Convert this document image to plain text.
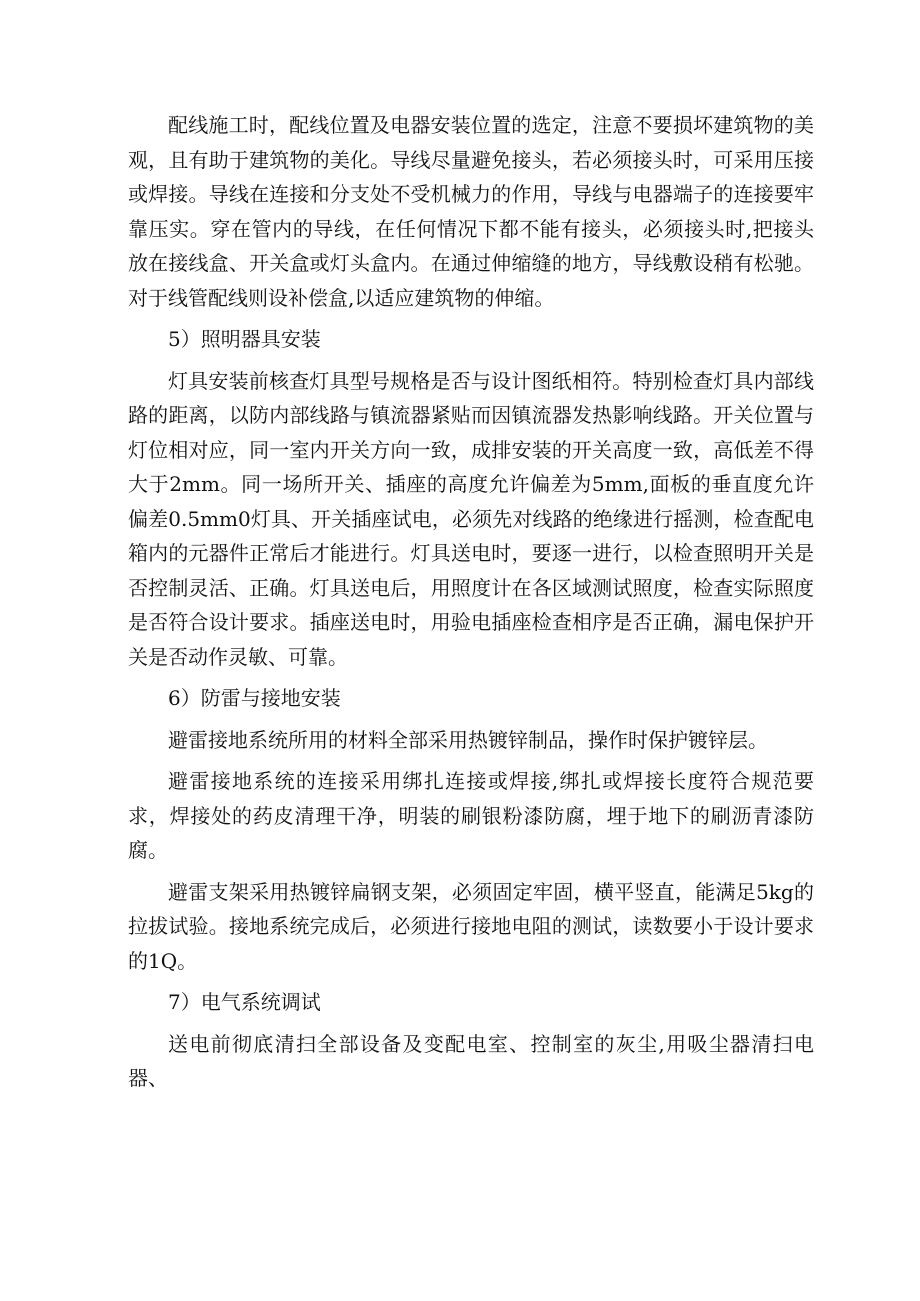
配线施工时，配线位置及电器安装位置的选定，注意不要损坏建筑物的美观，且有助于建筑物的美化。导线尽量避免接头，若必须接头时，可采用压接或焊接。导线在连接和分支处不受机械力的作用，导线与电器端子的连接要牢靠压实。穿在管内的导线，在任何情况下都不能有接头，必须接头时,把接头放在接线盒、开关盒或灯头盒内。在通过伸缩缝的地方，导线敷设稍有松驰。对于线管配线则设补偿盒,以适应建筑物的伸缩。

5）照明器具安装

灯具安装前核查灯具型号规格是否与设计图纸相符。特别检查灯具内部线路的距离，以防内部线路与镇流器紧贴而因镇流器发热影响线路。开关位置与灯位相对应，同一室内开关方向一致，成排安装的开关高度一致，高低差不得大于2mm。同一场所开关、插座的高度允许偏差为5mm,面板的垂直度允许偏差0.5mm0灯具、开关插座试电，必须先对线路的绝缘进行摇测，检查配电箱内的元器件正常后才能进行。灯具送电时，要逐一进行，以检查照明开关是否控制灵活、正确。灯具送电后，用照度计在各区域测试照度，检查实际照度是否符合设计要求。插座送电时，用验电插座检查相序是否正确，漏电保护开关是否动作灵敏、可靠。

6）防雷与接地安装

避雷接地系统所用的材料全部采用热镀锌制品，操作时保护镀锌层。

避雷接地系统的连接采用绑扎连接或焊接,绑扎或焊接长度符合规范要求，焊接处的药皮清理干净，明装的刷银粉漆防腐，埋于地下的刷沥青漆防腐。

避雷支架采用热镀锌扁钢支架，必须固定牢固，横平竖直，能满足5kg的拉拔试验。接地系统完成后，必须进行接地电阻的测试，读数要小于设计要求的1Q。

7）电气系统调试

送电前彻底清扫全部设备及变配电室、控制室的灰尘,用吸尘器清扫电器、
